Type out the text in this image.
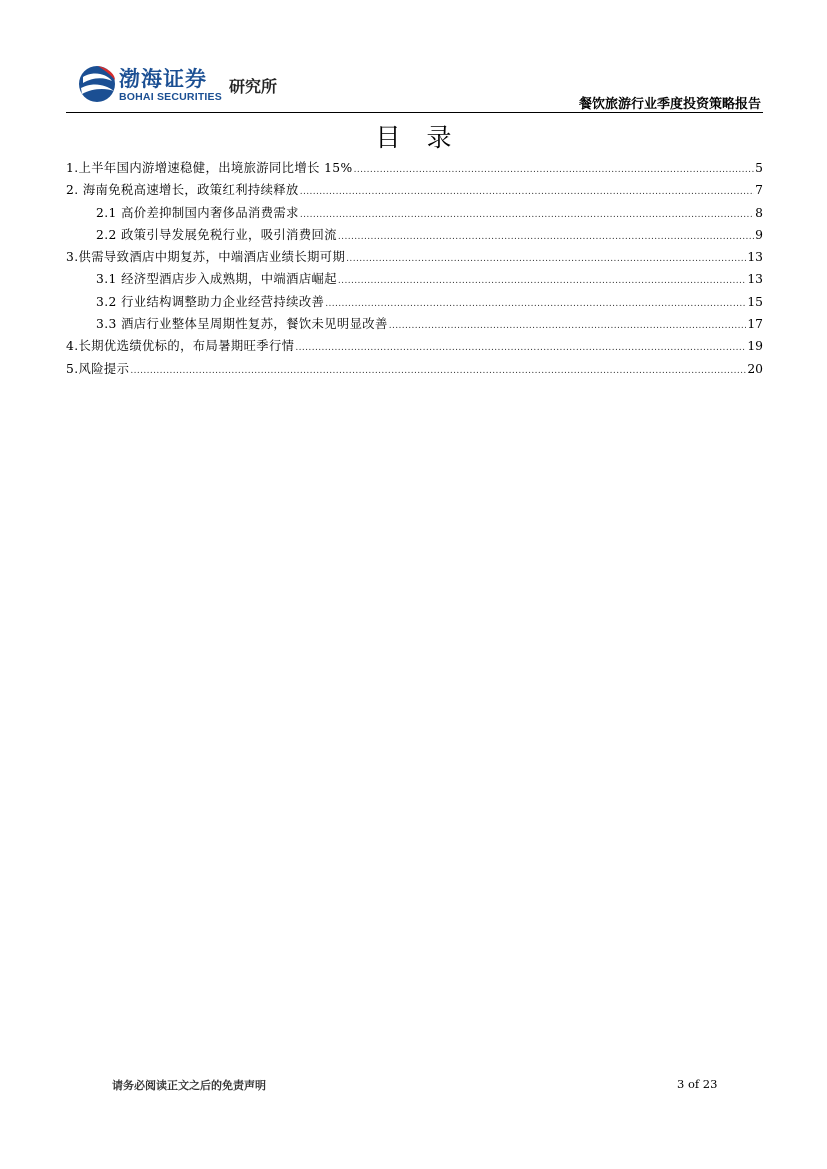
渤海证券
BOHAI SECURITIES
研究所
餐饮旅游行业季度投资策略报告
目录
1.上半年国内游增速稳健，出境旅游同比增长 15% .....	5
2. 海南免税高速增长，政策红利持续释放 .....	7
2.1 高价差抑制国内奢侈品消费需求 .....	8
2.2 政策引导发展免税行业，吸引消费回流 .....	9
3.供需导致酒店中期复苏，中端酒店业绩长期可期 .....	13
3.1 经济型酒店步入成熟期，中端酒店崛起 .....	13
3.2 行业结构调整助力企业经营持续改善 .....	15
3.3 酒店行业整体呈周期性复苏，餐饮未见明显改善 .....	17
4.长期优选绩优标的，布局暑期旺季行情 .....	19
5.风险提示 .....	20
请务必阅读正文之后的免责声明	3 of 23
